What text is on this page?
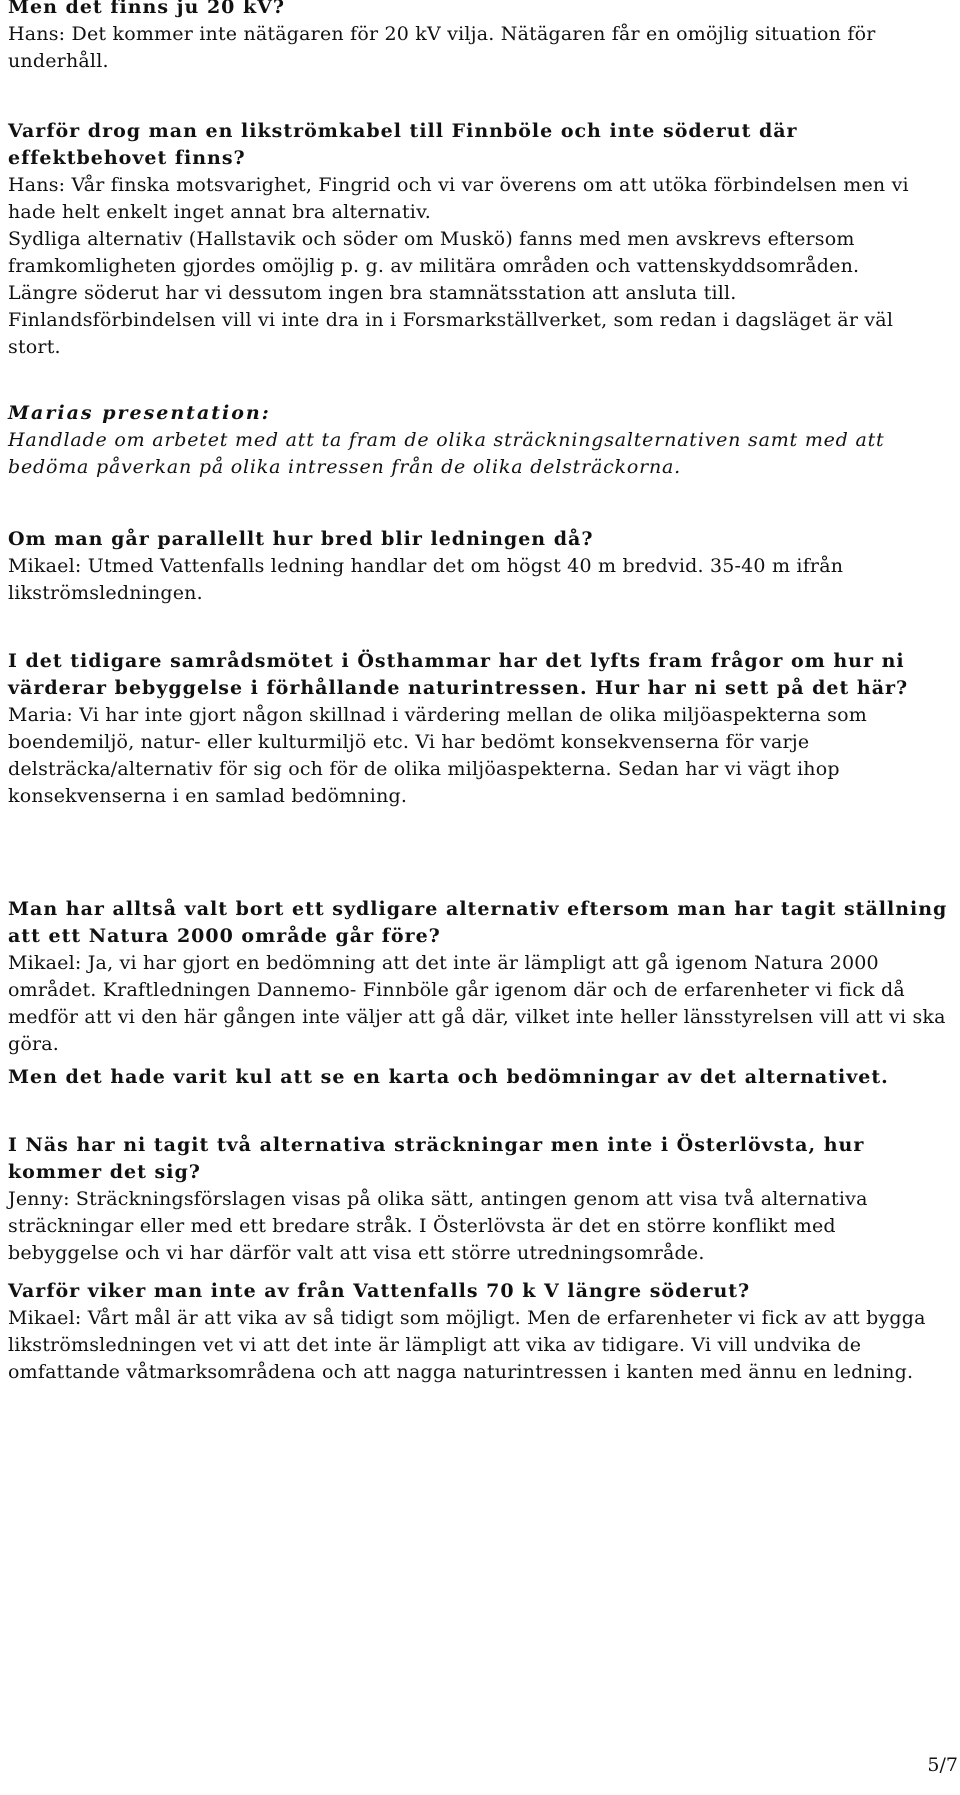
Men det finns ju 20 kV?

Hans: Det kommer inte nätägaren för 20 kV vilja. Nätägaren får en omöjlig situation för underhåll.

Varför drog man en likströmkabel till Finnböle och inte söderut där effektbehovet finns?

Hans: Vår finska motsvarighet, Fingrid och vi var överens om att utöka förbindelsen men vi hade helt enkelt inget annat bra alternativ.

Sydliga alternativ (Hallstavik och söder om Muskö) fanns med men avskrevs eftersom framkomligheten gjordes omöjlig p. g. av militära områden och vattenskyddsområden.

Längre söderut har vi dessutom ingen bra stamnätsstation att ansluta till.

Finlandsförbindelsen vill vi inte dra in i Forsmarkställverket, som redan i dagsläget är väl stort.

Marias presentation:

Handlade om arbetet med att ta fram de olika sträckningsalternativen samt med att bedöma påverkan på olika intressen från de olika delsträckorna.

Om man går parallellt hur bred blir ledningen då?

Mikael: Utmed Vattenfalls ledning handlar det om högst 40 m bredvid. 35-40 m ifrån likströmsledningen.

I det tidigare samrådsmötet i Östhammar har det lyfts fram frågor om hur ni värderar bebyggelse i förhållande naturintressen. Hur har ni sett på det här?

Maria: Vi har inte gjort någon skillnad i värdering mellan de olika miljöaspekterna som boendemiljö, natur- eller kulturmiljö etc. Vi har bedömt konsekvenserna för varje delsträcka/alternativ för sig och för de olika miljöaspekterna. Sedan har vi vägt ihop konsekvenserna i en samlad bedömning.

Man har alltså valt bort ett sydligare alternativ eftersom man har tagit ställning att ett Natura 2000 område går före?

Mikael: Ja, vi har gjort en bedömning att det inte är lämpligt att gå igenom Natura 2000 området. Kraftledningen Dannemo- Finnböle går igenom där och de erfarenheter vi fick då medför att vi den här gången inte väljer att gå där, vilket inte heller länsstyrelsen vill att vi ska göra.

Men det hade varit kul att se en karta och bedömningar av det alternativet.

I Näs har ni tagit två alternativa sträckningar men inte i Österlövsta, hur kommer det sig?

Jenny: Sträckningsförslagen visas på olika sätt, antingen genom att visa två alternativa sträckningar eller med ett bredare stråk. I Österlövsta är det en större konflikt med bebyggelse och vi har därför valt att visa ett större utredningsområde.

Varför viker man inte av från Vattenfalls 70 k V längre söderut?

Mikael: Vårt mål är att vika av så tidigt som möjligt. Men de erfarenheter vi fick av att bygga likströmsledningen vet vi att det inte är lämpligt att vika av tidigare. Vi vill undvika de omfattande våtmarksområdena och att nagga naturintressen i kanten med ännu en ledning.

5/7
